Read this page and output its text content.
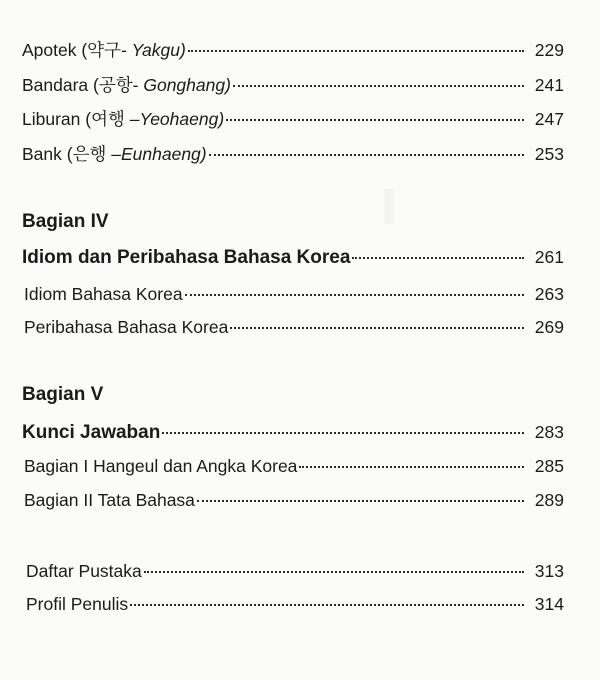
Apotek (약구- Yakgu)	229
Bandara (공항- Gonghang)	241
Liburan (여행 –Yeohaeng)	247
Bank (은행 –Eunhaeng)	253
Bagian IV
Idiom dan Peribahasa Bahasa Korea	261
Idiom Bahasa Korea	263
Peribahasa Bahasa Korea	269
Bagian V
Kunci Jawaban	283
Bagian I Hangeul dan Angka Korea	285
Bagian II Tata Bahasa	289
Daftar Pustaka	313
Profil Penulis	314
